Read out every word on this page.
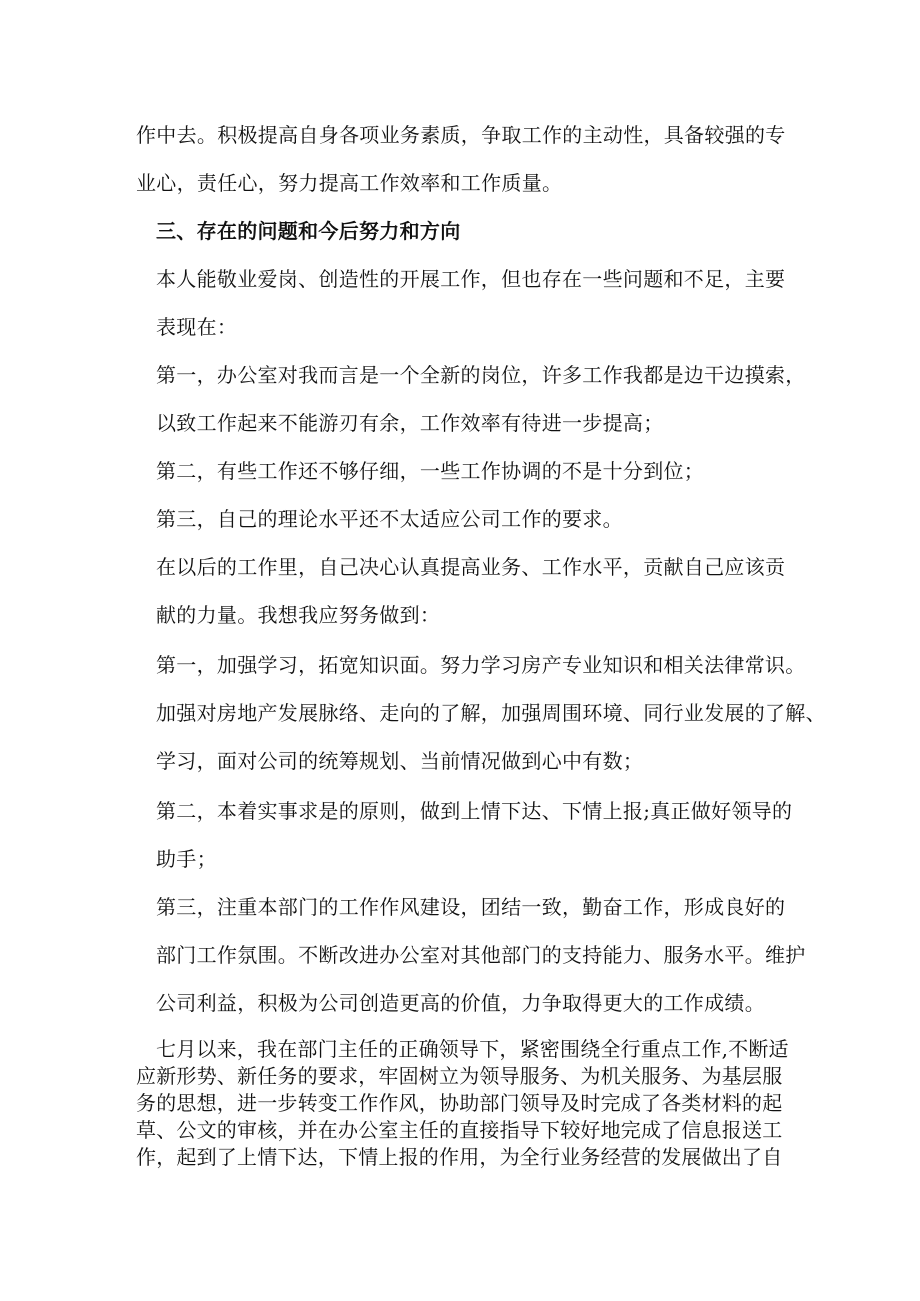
作中去。积极提高自身各项业务素质，争取工作的主动性，具备较强的专
业心，责任心，努力提高工作效率和工作质量。
三、存在的问题和今后努力和方向
本人能敬业爱岗、创造性的开展工作，但也存在一些问题和不足，主要
表现在：
第一，办公室对我而言是一个全新的岗位，许多工作我都是边干边摸索，
以致工作起来不能游刃有余，工作效率有待进一步提高；
第二，有些工作还不够仔细，一些工作协调的不是十分到位；
第三，自己的理论水平还不太适应公司工作的要求。
在以后的工作里，自己决心认真提高业务、工作水平，贡献自己应该贡
献的力量。我想我应努务做到：
第一，加强学习，拓宽知识面。努力学习房产专业知识和相关法律常识。
加强对房地产发展脉络、走向的了解，加强周围环境、同行业发展的了解、
学习，面对公司的统筹规划、当前情况做到心中有数；
第二，本着实事求是的原则，做到上情下达、下情上报;真正做好领导的
助手；
第三，注重本部门的工作作风建设，团结一致，勤奋工作，形成良好的
部门工作氛围。不断改进办公室对其他部门的支持能力、服务水平。维护
公司利益，积极为公司创造更高的价值，力争取得更大的工作成绩。
七月以来，我在部门主任的正确领导下，紧密围绕全行重点工作,不断适
应新形势、新任务的要求，牢固树立为领导服务、为机关服务、为基层服
务的思想，进一步转变工作作风，协助部门领导及时完成了各类材料的起
草、公文的审核，并在办公室主任的直接指导下较好地完成了信息报送工
作，起到了上情下达，下情上报的作用，为全行业务经营的发展做出了自
